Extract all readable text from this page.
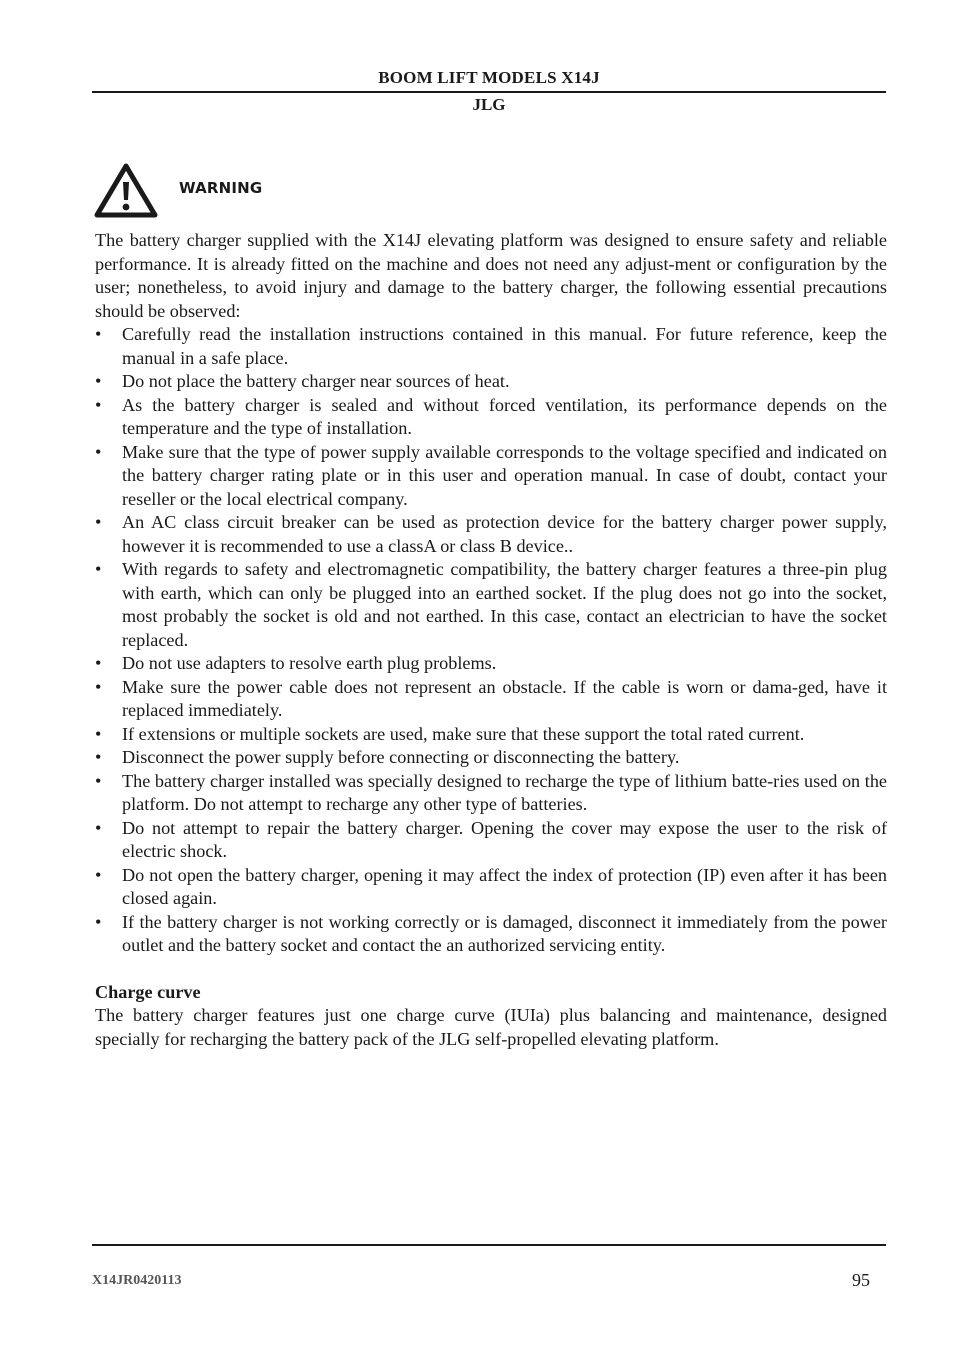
BOOM LIFT MODELS X14J
JLG
WARNING

The battery charger supplied with the X14J elevating platform was designed to ensure safety and reliable performance. It is already fitted on the machine and does not need any adjust-ment or configuration by the user; nonetheless, to avoid injury and damage to the battery charger, the following essential precautions should be observed:

• Carefully read the installation instructions contained in this manual. For future reference, keep the manual in a safe place.
• Do not place the battery charger near sources of heat.
• As the battery charger is sealed and without forced ventilation, its performance depends on the temperature and the type of installation.
• Make sure that the type of power supply available corresponds to the voltage specified and indicated on the battery charger rating plate or in this user and operation manual. In case of doubt, contact your reseller or the local electrical company.
• An AC class circuit breaker can be used as protection device for the battery charger power supply, however it is recommended to use a classA or class B device..
• With regards to safety and electromagnetic compatibility, the battery charger features a three-pin plug with earth, which can only be plugged into an earthed socket. If the plug does not go into the socket, most probably the socket is old and not earthed. In this case, contact an electrician to have the socket replaced.
• Do not use adapters to resolve earth plug problems.
• Make sure the power cable does not represent an obstacle. If the cable is worn or dama-ged, have it replaced immediately.
• If extensions or multiple sockets are used, make sure that these support the total rated current.
• Disconnect the power supply before connecting or disconnecting the battery.
• The battery charger installed was specially designed to recharge the type of lithium batte-ries used on the platform. Do not attempt to recharge any other type of batteries.
• Do not attempt to repair the battery charger. Opening the cover may expose the user to the risk of electric shock.
• Do not open the battery charger, opening it may affect the index of protection (IP) even after it has been closed again.
• If the battery charger is not working correctly or is damaged, disconnect it immediately from the power outlet and the battery socket and contact the an authorized servicing entity.

Charge curve

The battery charger features just one charge curve (IUIa) plus balancing and maintenance, designed specially for recharging the battery pack of the JLG self-propelled elevating platform.

X14JR0420113	95
